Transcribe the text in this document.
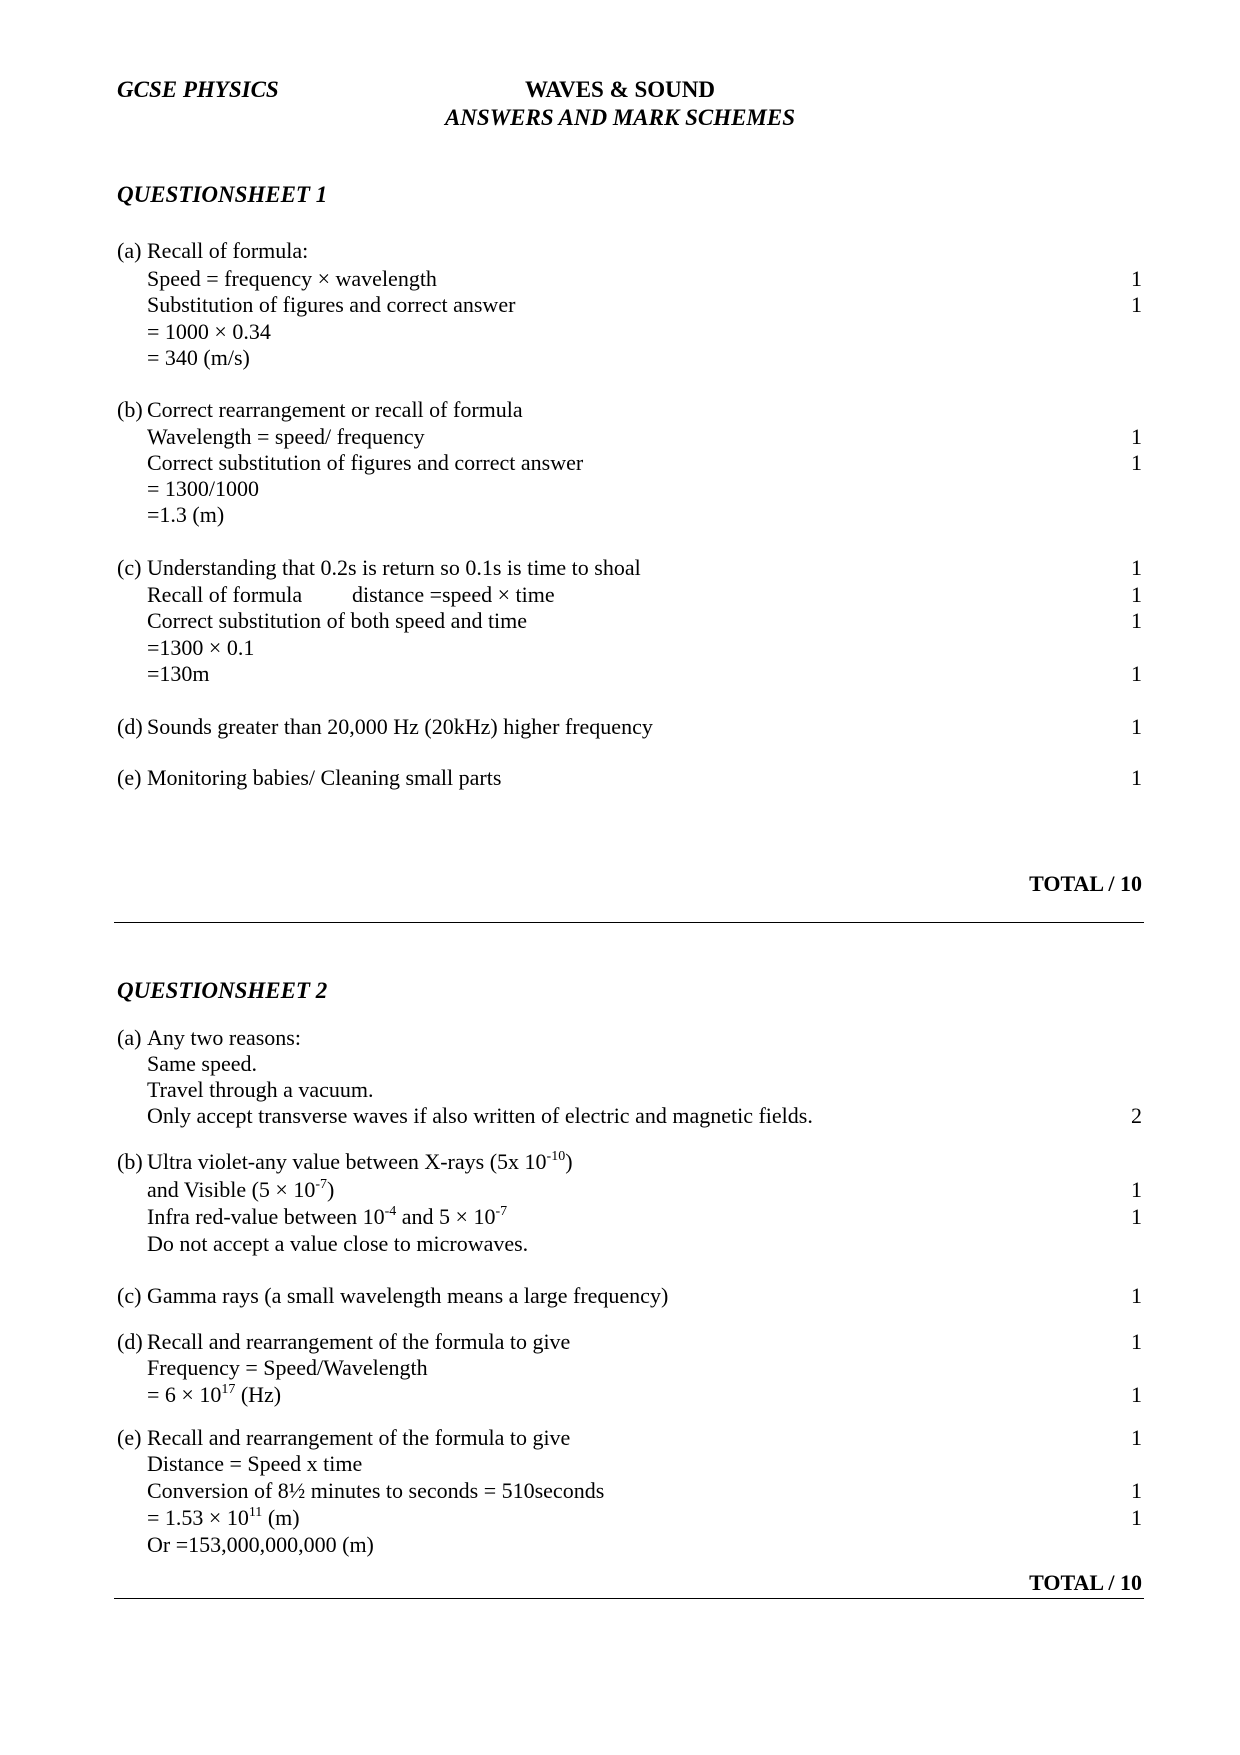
GCSE PHYSICS	WAVES & SOUND
ANSWERS AND MARK SCHEMES
QUESTIONSHEET 1
(a) Recall of formula:
Speed = frequency × wavelength	1
Substitution of figures and correct answer	1
= 1000 × 0.34
= 340 (m/s)
(b) Correct rearrangement or recall of formula
Wavelength = speed/ frequency	1
Correct substitution of figures and correct answer	1
= 1300/1000
=1.3 (m)
(c) Understanding that 0.2s is return so 0.1s is time to shoal	1
Recall of formula distance =speed × time	1
Correct substitution of both speed and time	1
=1300 × 0.1
=130m	1
(d) Sounds greater than 20,000 Hz (20kHz) higher frequency	1
(e) Monitoring babies/ Cleaning small parts	1
TOTAL / 10
QUESTIONSHEET 2
(a) Any two reasons:
Same speed.
Travel through a vacuum.
Only accept transverse waves if also written of electric and magnetic fields.	2
(b) Ultra violet-any value between X-rays (5x $10^{-10}$)
and Visible $(5 \times 10^{-7})$	1
Infra red-value between $10^{-4}$ and $5 \times 10^{-7}$	1
Do not accept a value close to microwaves.
(c) Gamma rays (a small wavelength means a large frequency)	1
(d) Recall and rearrangement of the formula to give	1
Frequency = Speed/Wavelength
= $6 \times 10^{17}$ (Hz)	1
(e) Recall and rearrangement of the formula to give	1
Distance = Speed x time
Conversion of 8½ minutes to seconds = 510seconds	1
= $1.53 \times 10^{11}$ (m)	1
Or =153,000,000,000 (m)
TOTAL / 10
